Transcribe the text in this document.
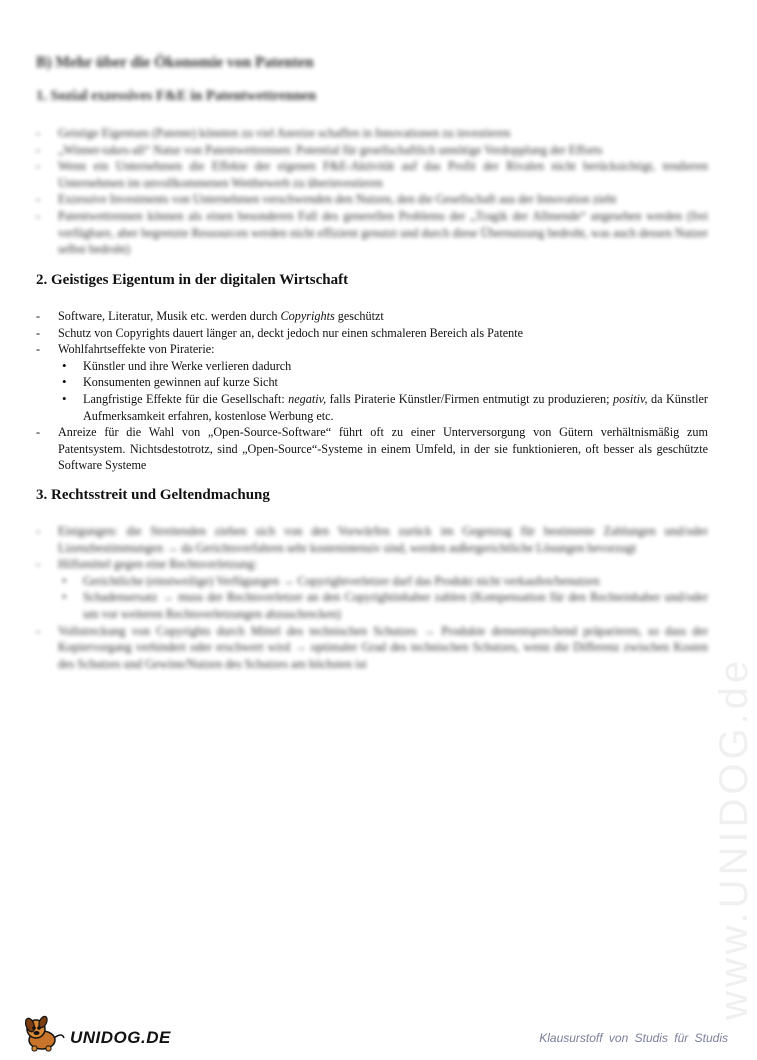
www.UNIDOG.de
B) Mehr über die Ökonomie von Patenten
1. Sozial exzessives F&E in Patentwettrennen
- Geistige Eigentum (Patente) könnten zu viel Anreize schaffen in Innovationen zu investieren
- „Winner-takes-all“ Natur von Patentwettrennen: Potential für gesellschaftlich unnötige Verdopplung der Efforts
- Wenn ein Unternehmen die Effekte der eigenen F&E-Aktivität auf das Profit der Rivalen nicht berücksichtigt, tendieren Unternehmen im unvollkommenen Wettbewerb zu überinvestieren
- Exzessive Investments von Unternehmen verschwenden den Nutzen, den die Gesellschaft aus der Innovation zieht
- Patentwettrennen können als einen besonderen Fall des generellen Problems der „Tragik der Allmende“ angesehen werden (frei verfügbare, aber begrenzte Ressourcen werden nicht effizient genutzt und durch diese Übernutzung bedroht, was auch dessen Nutzer selbst bedroht)
2. Geistiges Eigentum in der digitalen Wirtschaft
- Software, Literatur, Musik etc. werden durch Copyrights geschützt
- Schutz von Copyrights dauert länger an, deckt jedoch nur einen schmaleren Bereich als Patente
- Wohlfahrtseffekte von Piraterie:
• Künstler und ihre Werke verlieren dadurch
• Konsumenten gewinnen auf kurze Sicht
• Langfristige Effekte für die Gesellschaft: negativ, falls Piraterie Künstler/Firmen entmutigt zu produzieren; positiv, da Künstler Aufmerksamkeit erfahren, kostenlose Werbung etc.
- Anreize für die Wahl von „Open-Source-Software“ führt oft zu einer Unterversorgung von Gütern verhältnismäßig zum Patentsystem. Nichtsdestotrotz, sind „Open-Source“-Systeme in einem Umfeld, in der sie funktionieren, oft besser als geschützte Software Systeme
3. Rechtsstreit und Geltendmachung
- Einigungen: die Streitenden ziehen sich von den Vorwürfen zurück im Gegenzug für bestimmte Zahlungen und/oder Lizenzbestimmungen → da Gerichtsverfahren sehr kostenintensiv sind, werden außergerichtliche Lösungen bevorzugt
- Hilfsmittel gegen eine Rechtsverletzung:
• Gerichtliche (einstweilige) Verfügungen → Copyrightverletzer darf das Produkt nicht verkaufen/benutzen
• Schadensersatz → muss der Rechtsverletzer an den Copyrightinhaber zahlen (Kompensation für den Rechteinhaber und/oder um vor weiteren Rechtsverletzungen abzuschrecken)
- Vollstreckung von Copyrights durch Mittel des technischen Schutzes → Produkte dementsprechend präparieren, so dass der Kopiervorgang verhindert oder erschwert wird → optimaler Grad des technischen Schutzes, wenn die Differenz zwischen Kosten des Schutzes und Gewinn/Nutzen des Schutzes am höchsten ist
UNIDOG.DE	Klausurstoff von Studis für Studis
